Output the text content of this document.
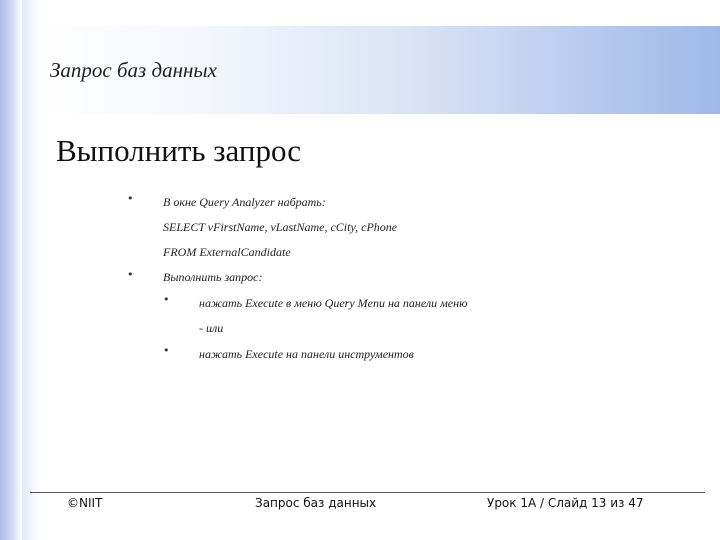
Запрос баз данных
Выполнить запрос
• В окне Query Analyzer набрать:
SELECT vFirstName, vLastName, cCity, cPhone
FROM ExternalCandidate
• Выполнить запрос:
• нажать Execute в меню Query Menu на панели меню
- или
• нажать Execute на панели инструментов
©NIIT	Запрос баз данных	Урок 1A / Слайд 13 из 47
